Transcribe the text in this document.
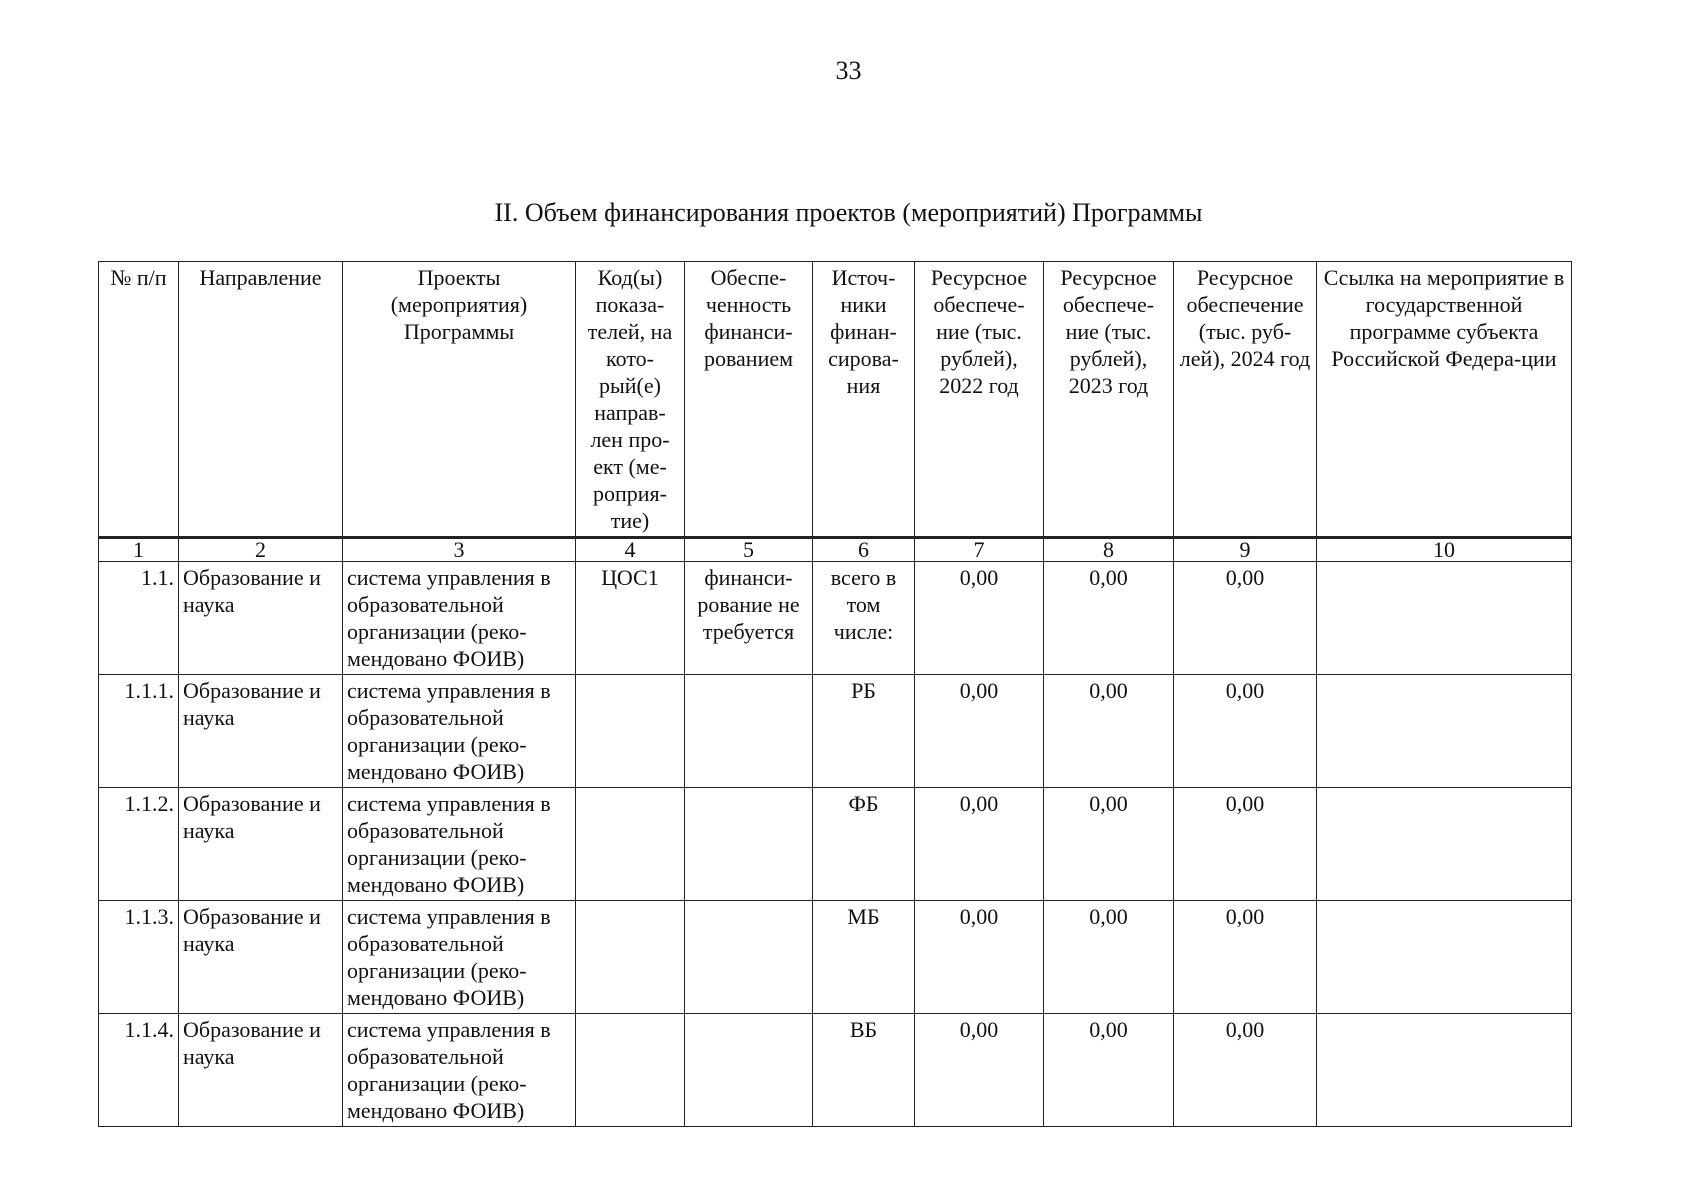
33
II. Объем финансирования проектов (мероприятий) Программы
№ п/п	Направление	Проекты (мероприятия) Программы	Код(ы) показа-телей, на кото-рый(е) направ-лен про-ект (ме-роприя-тие)	Обеспе-ченность финанси-рованием	Источ-ники финан-сирова-ния	Ресурсное обеспече-ние (тыс. рублей), 2022 год	Ресурсное обеспече-ние (тыс. рублей), 2023 год	Ресурсное обеспечение (тыс. руб-лей), 2024 год	Ссылка на мероприятие в государственной программе субъекта Российской Федера-ции
1	2	3	4	5	6	7	8	9	10
1.1.	Образование и наука	система управления в образовательной организации (реко-мендовано ФОИВ)	ЦОС1	финанси-рование не требуется	всего в том числе:	0,00	0,00	0,00	
1.1.1.	Образование и наука	система управления в образовательной организации (реко-мендовано ФОИВ)			РБ	0,00	0,00	0,00	
1.1.2.	Образование и наука	система управления в образовательной организации (реко-мендовано ФОИВ)			ФБ	0,00	0,00	0,00	
1.1.3.	Образование и наука	система управления в образовательной организации (реко-мендовано ФОИВ)			МБ	0,00	0,00	0,00	
1.1.4.	Образование и наука	система управления в образовательной организации (реко-мендовано ФОИВ)			ВБ	0,00	0,00	0,00	
